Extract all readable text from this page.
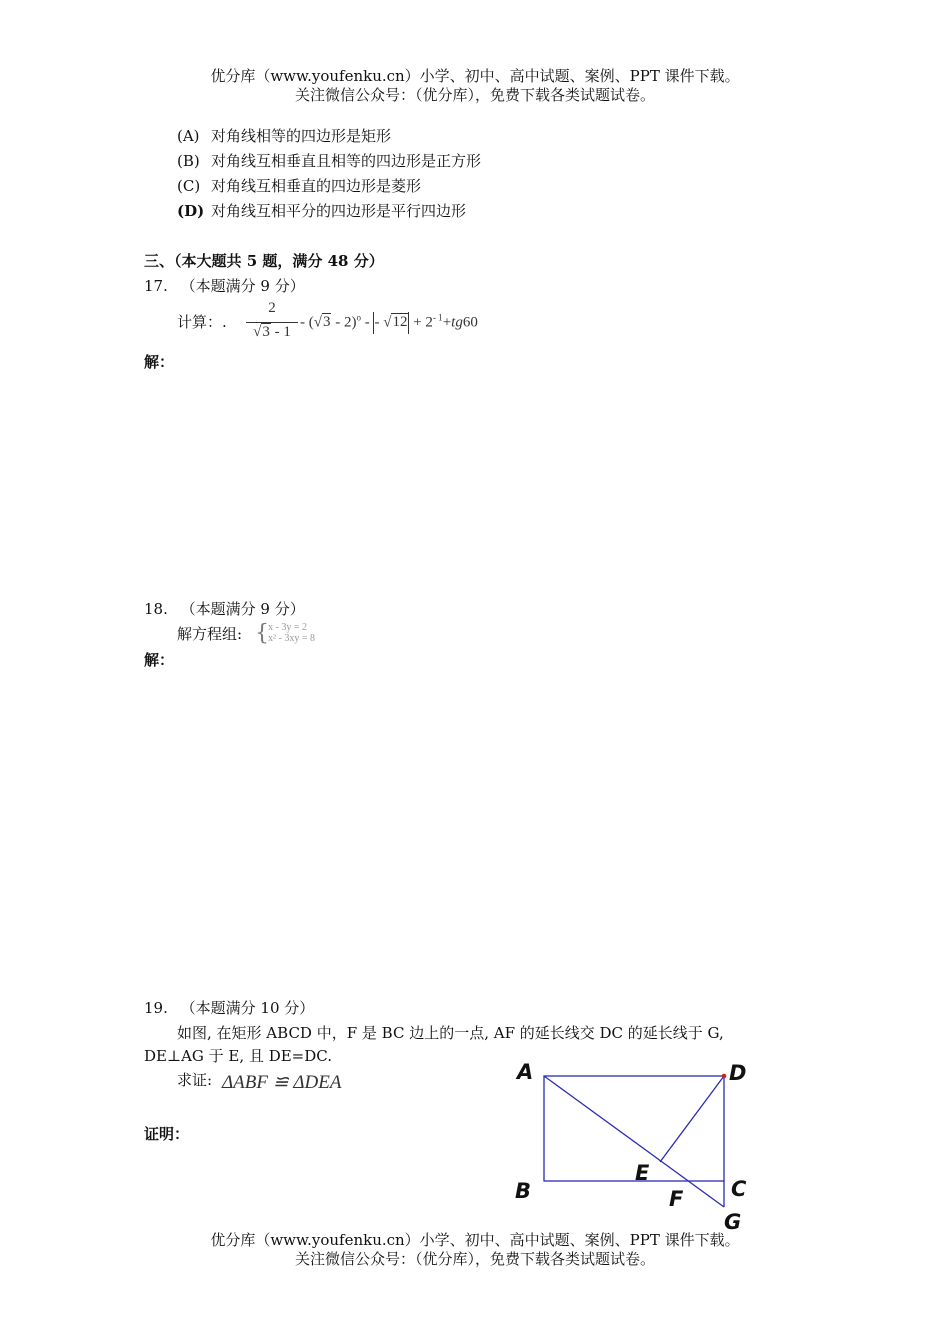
优分库（www.youfenku.cn）小学、初中、高中试题、案例、PPT 课件下载。
关注微信公众号：（优分库），免费下载各类试题试卷。
(A) 对角线相等的四边形是矩形
(B) 对角线互相垂直且相等的四边形是正方形
(C) 对角线互相垂直的四边形是菱形
(D) 对角线互相平分的四边形是平行四边形
三、（本大题共 5 题，满分 48 分）
17. （本题满分 9 分）
计算：.
2
√3 - 1
- (√3 - 2)$^o$ - - $√12 + 2^{- 1}+tg60$
解：
18. （本题满分 9 分）
解方程组: { x - 3y = 2
x² - 3xy = 8
解：
19. （本题满分 10 分）
如图, 在矩形 ABCD 中，F 是 BC 边上的一点, AF 的延长线交 DC 的延长线于 G,
DE⊥AG 于 E, 且 DE=DC.
求证: ΔABF ≌ ΔDEA
证明：
A	D
B	C
E
F
G
优分库（www.youfenku.cn）小学、初中、高中试题、案例、PPT 课件下载。
关注微信公众号：（优分库），免费下载各类试题试卷。
